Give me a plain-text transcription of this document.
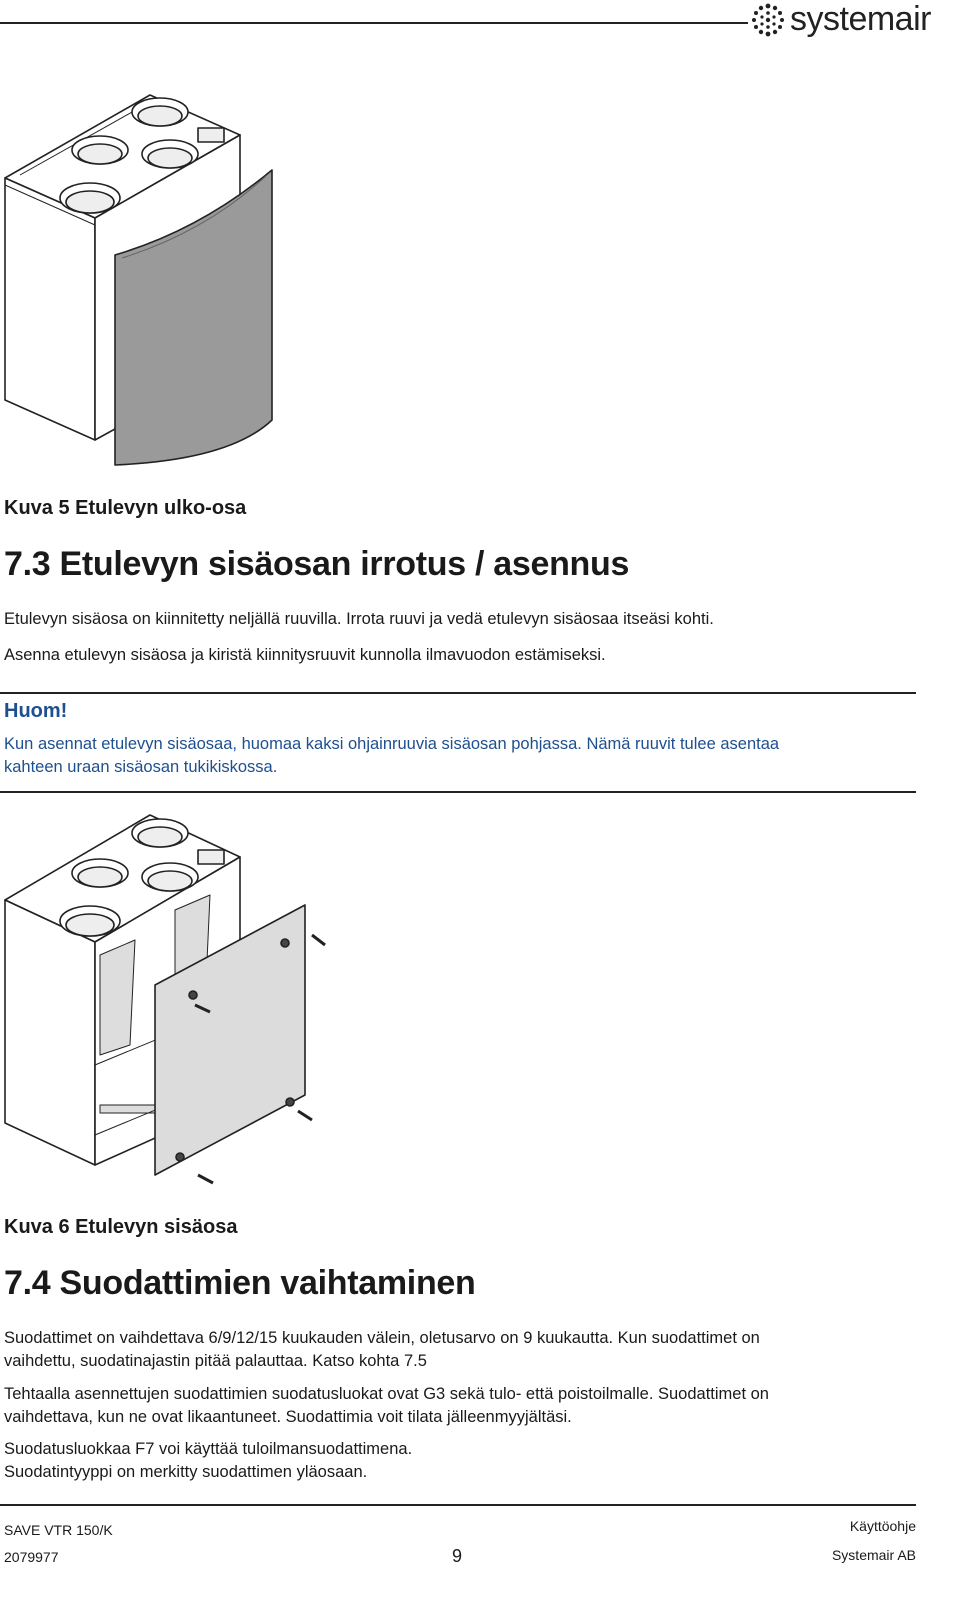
systemair
Kuva 5 Etulevyn ulko-osa
7.3 Etulevyn sisäosan irrotus / asennus
Etulevyn sisäosa on kiinnitetty neljällä ruuvilla. Irrota ruuvi ja vedä etulevyn sisäosaa itseäsi kohti.
Asenna etulevyn sisäosa ja kiristä kiinnitysruuvit kunnolla ilmavuodon estämiseksi.
Huom!
Kun asennat etulevyn sisäosaa, huomaa kaksi ohjainruuvia sisäosan pohjassa. Nämä ruuvit tulee asentaa
kahteen uraan sisäosan tukikiskossa.
Kuva 6 Etulevyn sisäosa
7.4 Suodattimien vaihtaminen
Suodattimet on vaihdettava 6/9/12/15 kuukauden välein, oletusarvo on 9 kuukautta. Kun suodattimet on
vaihdettu, suodatinajastin pitää palauttaa. Katso kohta 7.5
Tehtaalla asennettujen suodattimien suodatusluokat ovat G3 sekä tulo- että poistoilmalle. Suodattimet on
vaihdettava, kun ne ovat likaantuneet. Suodattimia voit tilata jälleenmyyjältäsi.
Suodatusluokkaa F7 voi käyttää tuloilmansuodattimena.
Suodatintyyppi on merkitty suodattimen yläosaan.
SAVE VTR 150/K
2079977	9
Käyttöohje
Systemair AB
